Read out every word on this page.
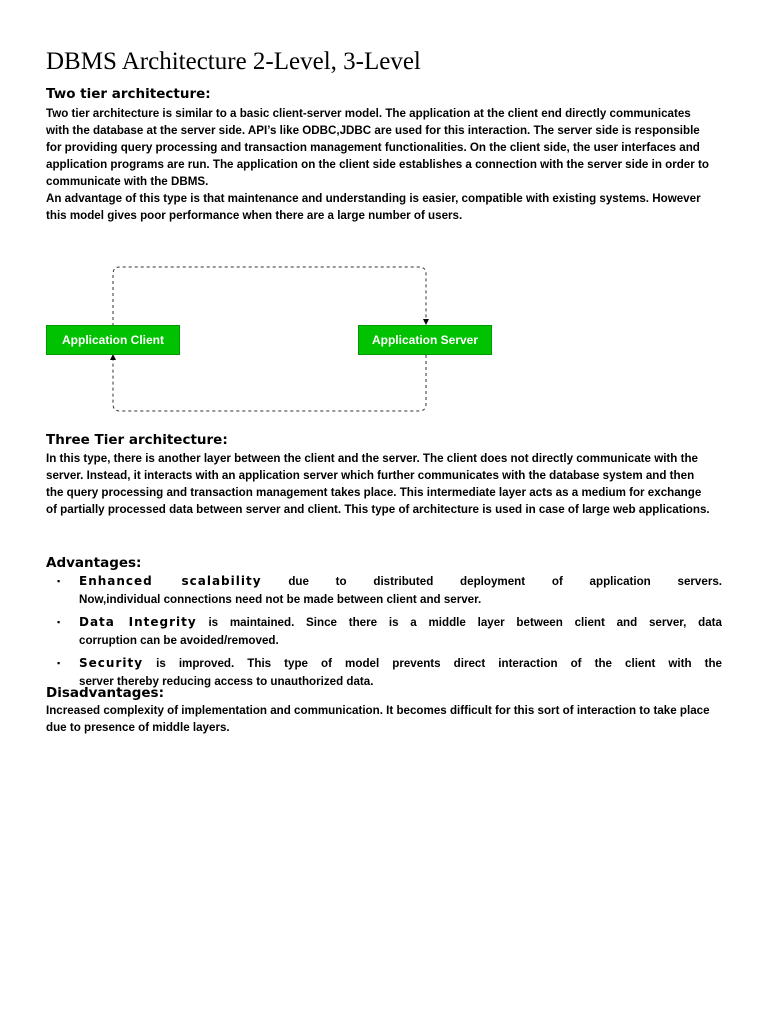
DBMS Architecture 2-Level, 3-Level
Two tier architecture:

Two tier architecture is similar to a basic client-server model. The application at the client end directly communicates with the database at the server side. API’s like ODBC,JDBC are used for this interaction. The server side is responsible for providing query processing and transaction management functionalities. On the client side, the user interfaces and application programs are run. The application on the client side establishes a connection with the server side in order to communicate with the DBMS.

An advantage of this type is that maintenance and understanding is easier, compatible with existing systems. However this model gives poor performance when there are a large number of users.

Application Client	Application Server
Three Tier architecture:

In this type, there is another layer between the client and the server. The client does not directly communicate with the server. Instead, it interacts with an application server which further communicates with the database system and then the query processing and transaction management takes place. This intermediate layer acts as a medium for exchange of partially processed data between server and client. This type of architecture is used in case of large web applications.

Advantages:
▪ Enhanced scalability due to distributed deployment of application servers.
Now,individual connections need not be made between client and server.
▪ Data Integrity is maintained. Since there is a middle layer between client and server, data
corruption can be avoided/removed.
▪ Security is improved. This type of model prevents direct interaction of the client with the
server thereby reducing access to unauthorized data.
Disadvantages:

Increased complexity of implementation and communication. It becomes difficult for this sort of interaction to take place due to presence of middle layers.
